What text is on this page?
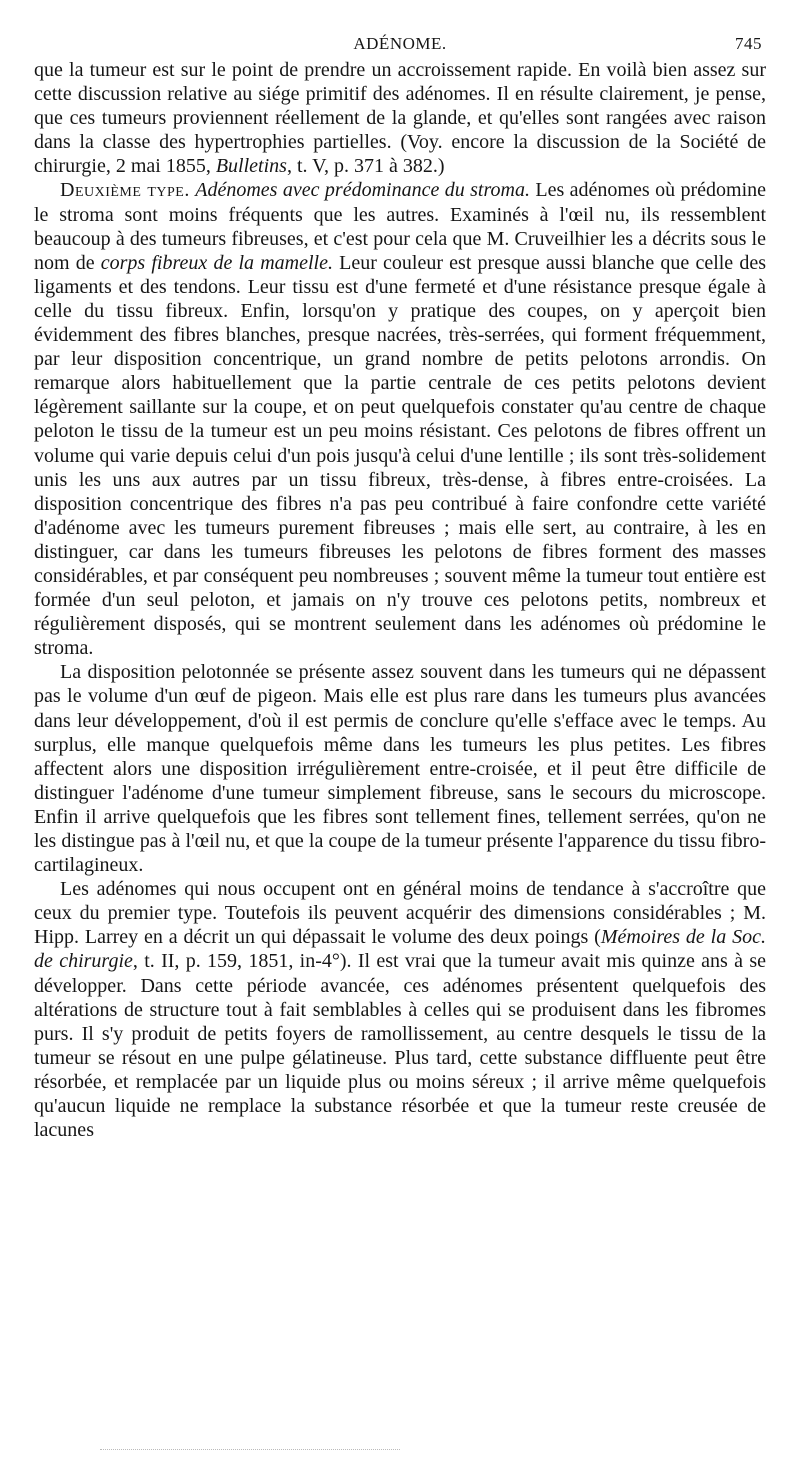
ADÉNOME.	745

que la tumeur est sur le point de prendre un accroissement rapide. En voilà bien assez sur cette discussion relative au siége primitif des adénomes. Il en résulte clairement, je pense, que ces tumeurs proviennent réellement de la glande, et qu'elles sont rangées avec raison dans la classe des hypertrophies partielles. (Voy. encore la discussion de la Société de chirurgie, 2 mai 1855, Bulletins, t. V, p. 371 à 382.)

Deuxième type. Adénomes avec prédominance du stroma. Les adénomes où prédomine le stroma sont moins fréquents que les autres. Examinés à l'œil nu, ils ressemblent beaucoup à des tumeurs fibreuses, et c'est pour cela que M. Cruveilhier les a décrits sous le nom de corps fibreux de la mamelle. Leur couleur est presque aussi blanche que celle des ligaments et des tendons. Leur tissu est d'une fermeté et d'une résistance presque égale à celle du tissu fibreux. Enfin, lorsqu'on y pratique des coupes, on y aperçoit bien évidemment des fibres blanches, presque nacrées, très-serrées, qui forment fréquemment, par leur disposition concentrique, un grand nombre de petits pelotons arrondis. On remarque alors habituellement que la partie centrale de ces petits pelotons devient légèrement saillante sur la coupe, et on peut quelquefois constater qu'au centre de chaque peloton le tissu de la tumeur est un peu moins résistant. Ces pelotons de fibres offrent un volume qui varie depuis celui d'un pois jusqu'à celui d'une lentille ; ils sont très-solidement unis les uns aux autres par un tissu fibreux, très-dense, à fibres entre-croisées. La disposition concentrique des fibres n'a pas peu contribué à faire confondre cette variété d'adénome avec les tumeurs purement fibreuses ; mais elle sert, au contraire, à les en distinguer, car dans les tumeurs fibreuses les pelotons de fibres forment des masses considérables, et par conséquent peu nombreuses ; souvent même la tumeur tout entière est formée d'un seul peloton, et jamais on n'y trouve ces pelotons petits, nombreux et régulièrement disposés, qui se montrent seulement dans les adénomes où prédomine le stroma.

La disposition pelotonnée se présente assez souvent dans les tumeurs qui ne dépassent pas le volume d'un œuf de pigeon. Mais elle est plus rare dans les tumeurs plus avancées dans leur développement, d'où il est permis de conclure qu'elle s'efface avec le temps. Au surplus, elle manque quelquefois même dans les tumeurs les plus petites. Les fibres affectent alors une disposition irrégulièrement entre-croisée, et il peut être difficile de distinguer l'adénome d'une tumeur simplement fibreuse, sans le secours du microscope. Enfin il arrive quelquefois que les fibres sont tellement fines, tellement serrées, qu'on ne les distingue pas à l'œil nu, et que la coupe de la tumeur présente l'apparence du tissu fibro-cartilagineux.

Les adénomes qui nous occupent ont en général moins de tendance à s'accroître que ceux du premier type. Toutefois ils peuvent acquérir des dimensions considérables ; M. Hipp. Larrey en a décrit un qui dépassait le volume des deux poings (Mémoires de la Soc. de chirurgie, t. II, p. 159, 1851, in-4°). Il est vrai que la tumeur avait mis quinze ans à se développer. Dans cette période avancée, ces adénomes présentent quelquefois des altérations de structure tout à fait semblables à celles qui se produisent dans les fibromes purs. Il s'y produit de petits foyers de ramollissement, au centre desquels le tissu de la tumeur se résout en une pulpe gélatineuse. Plus tard, cette substance diffluente peut être résorbée, et remplacée par un liquide plus ou moins séreux ; il arrive même quelquefois qu'aucun liquide ne remplace la substance résorbée et que la tumeur reste creusée de lacunes
